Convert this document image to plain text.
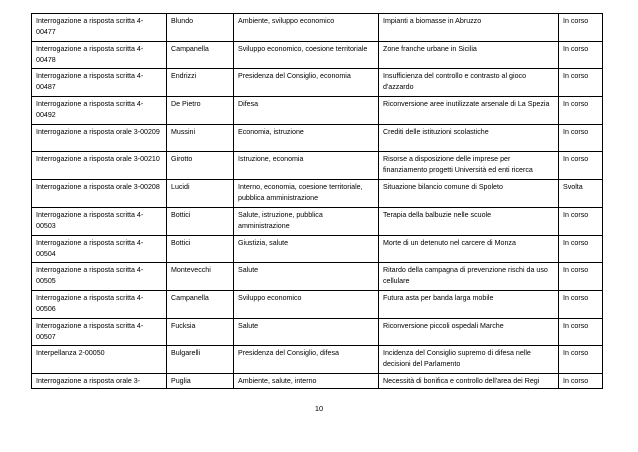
Interrogazione a risposta scritta 4-00477	Blundo	Ambiente, sviluppo economico	Impianti a biomasse in Abruzzo	In corso
Interrogazione a risposta scritta 4-00478	Campanella	Sviluppo economico, coesione territoriale	Zone franche urbane in Sicilia	In corso
Interrogazione a risposta scritta 4-00487	Endrizzi	Presidenza del Consiglio, economia	Insufficienza del controllo e contrasto al gioco d'azzardo	In corso
Interrogazione a risposta scritta 4-00492	De Pietro	Difesa	Riconversione aree inutilizzate arsenale di La Spezia	In corso
Interrogazione a risposta orale 3-00209	Mussini	Economia, istruzione	Crediti delle istituzioni scolastiche	In corso
Interrogazione a risposta orale 3-00210	Girotto	Istruzione, economia	Risorse a disposizione delle imprese per finanziamento progetti Università ed enti ricerca	In corso
Interrogazione a risposta orale 3-00208	Lucidi	Interno, economia, coesione territoriale, pubblica amministrazione	Situazione bilancio comune di Spoleto	Svolta
Interrogazione a risposta scritta 4-00503	Bottici	Salute, istruzione, pubblica amministrazione	Terapia della balbuzie nelle scuole	In corso
Interrogazione a risposta scritta 4-00504	Bottici	Giustizia, salute	Morte di un detenuto nel carcere di Monza	In corso
Interrogazione a risposta scritta 4-00505	Montevecchi	Salute	Ritardo della campagna di prevenzione rischi da uso cellulare	In corso
Interrogazione a risposta scritta 4-00506	Campanella	Sviluppo economico	Futura asta per banda larga mobile	In corso
Interrogazione a risposta scritta 4-00507	Fucksia	Salute	Riconversione piccoli ospedali Marche	In corso
Interpellanza 2-00050	Bulgarelli	Presidenza del Consiglio, difesa	Incidenza del Consiglio supremo di difesa nelle decisioni del Parlamento	In corso
Interrogazione a risposta orale 3-	Puglia	Ambiente, salute, interno	Necessità di bonifica e controllo dell'area dei Regi	In corso
10
